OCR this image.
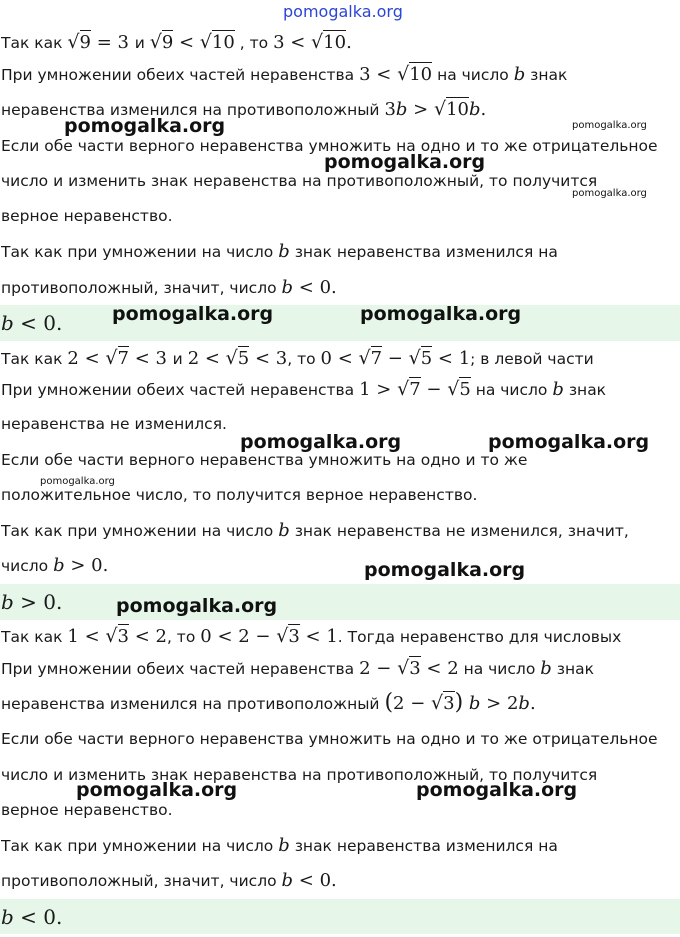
pomogalka.org
Так как √9 = 3 и √9 < √10 , то 3 < √10.
При умножении обеих частей неравенства 3 < √10 на число b знак
неравенства изменился на противоположный 3b > √10b.
Если обе части верного неравенства умножить на одно и то же отрицательное
число и изменить знак неравенства на противоположный, то получится
верное неравенство.
Так как при умножении на число b знак неравенства изменился на
противоположный, значит, число b < 0.
b < 0.
Так как 2 < √7 < 3 и 2 < √5 < 3, то 0 < √7 − √5 < 1; в левой части
При умножении обеих частей неравенства 1 > √7 − √5 на число b знак
неравенства не изменился.
Если обе части верного неравенства умножить на одно и то же
положительное число, то получится верное неравенство.
Так как при умножении на число b знак неравенства не изменился, значит,
число b > 0.
b > 0.
Так как 1 < √3 < 2, то 0 < 2 − √3 < 1. Тогда неравенство для числовых
При умножении обеих частей неравенства 2 − √3 < 2 на число b знак
неравенства изменился на противоположный (2 − √3) b > 2b.
Если обе части верного неравенства умножить на одно и то же отрицательное
число и изменить знак неравенства на противоположный, то получится
верное неравенство.
Так как при умножении на число b знак неравенства изменился на
противоположный, значит, число b < 0.
b < 0.
pomogalka.org	pomogalka.org
pomogalka.org
pomogalka.org
pomogalka.org	pomogalka.org
pomogalka.org	pomogalka.org
pomogalka.org
pomogalka.org
pomogalka.org
pomogalka.org	pomogalka.org
